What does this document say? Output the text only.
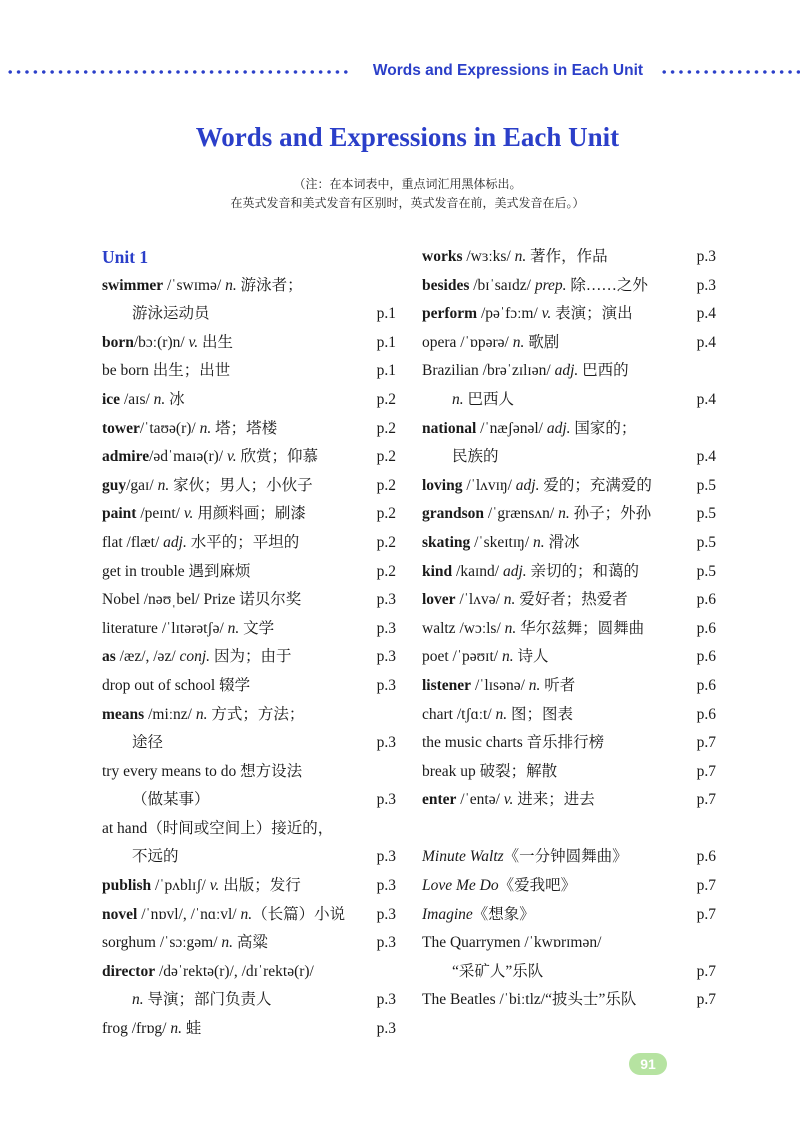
Words and Expressions in Each Unit
Words and Expressions in Each Unit
（注：在本词表中，重点词汇用黑体标出。
在英式发音和美式发音有区别时，英式发音在前，美式发音在后。）
Unit 1
swimmer /ˈswɪmə/ n. 游泳者；
游泳运动员	p.1
born/bɔː(r)n/ v. 出生	p.1
be born 出生；出世	p.1
ice /aɪs/ n. 冰	p.2
tower/ˈtaʊə(r)/ n. 塔；塔楼	p.2
admire/ədˈmaɪə(r)/ v. 欣赏；仰慕	p.2
guy/gaɪ/ n. 家伙；男人；小伙子	p.2
paint /peɪnt/ v. 用颜料画；刷漆	p.2
flat /flæt/ adj. 水平的；平坦的	p.2
get in trouble 遇到麻烦	p.2
Nobel /nəʊˌbel/ Prize 诺贝尔奖	p.3
literature /ˈlɪtərətʃə/ n. 文学	p.3
as /æz/, /əz/ conj. 因为；由于	p.3
drop out of school 辍学	p.3
means /miːnz/ n. 方式；方法；
途径	p.3
try every means to do 想方设法
（做某事）	p.3
at hand（时间或空间上）接近的，
不远的	p.3
publish /ˈpʌblɪʃ/ v. 出版；发行	p.3
novel /ˈnɒvl/, /ˈnɑːvl/ n.（长篇）小说 p.3
sorghum /ˈsɔːgəm/ n. 高粱	p.3
director /dəˈrektə(r)/, /dɪˈrektə(r)/
n. 导演；部门负责人	p.3
frog /frɒg/ n. 蛙	p.3
works /wɜːks/ n. 著作，作品	p.3
besides /bɪˈsaɪdz/ prep. 除……之外	p.3
perform /pəˈfɔːm/ v. 表演；演出	p.4
opera /ˈɒpərə/ n. 歌剧	p.4
Brazilian /brəˈzɪlɪən/ adj. 巴西的
n. 巴西人	p.4
national /ˈnæʃənəl/ adj. 国家的；
民族的	p.4
loving /ˈlʌvɪŋ/ adj. 爱的；充满爱的	p.5
grandson /ˈgrænsʌn/ n. 孙子；外孙	p.5
skating /ˈskeɪtɪŋ/ n. 滑冰	p.5
kind /kaɪnd/ adj. 亲切的；和蔼的	p.5
lover /ˈlʌvə/ n. 爱好者；热爱者	p.6
waltz /wɔːls/ n. 华尔兹舞；圆舞曲	p.6
poet /ˈpəʊɪt/ n. 诗人	p.6
listener /ˈlɪsənə/ n. 听者	p.6
chart /tʃɑːt/ n. 图；图表	p.6
the music charts 音乐排行榜	p.7
break up 破裂；解散	p.7
enter /ˈentə/ v. 进来；进去	p.7
Minute Waltz《一分钟圆舞曲》	p.6
Love Me Do《爱我吧》	p.7
Imagine《想象》	p.7
The Quarrymen /ˈkwɒrɪmən/
“采矿人”乐队	p.7
The Beatles /ˈbiːtlz/“披头士”乐队	p.7
91
